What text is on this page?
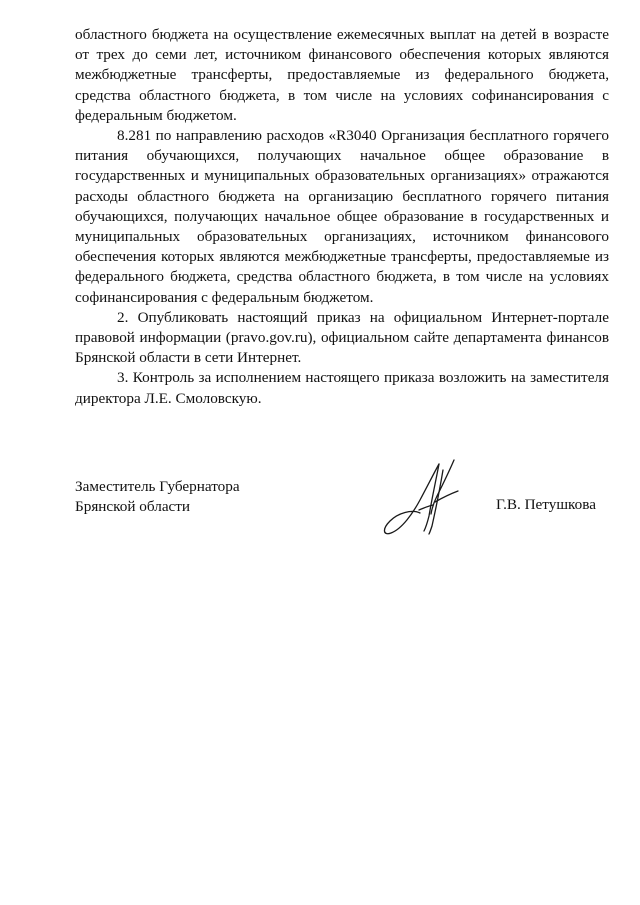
областного бюджета на осуществление ежемесячных выплат на детей в возрасте от трех до семи лет, источником финансового обеспечения которых являются межбюджетные трансферты, предоставляемые из федерального бюджета, средства областного бюджета, в том числе на условиях софинансирования с федеральным бюджетом.

8.281 по направлению расходов «R3040 Организация бесплатного горячего питания обучающихся, получающих начальное общее образование в государственных и муниципальных образовательных организациях» отражаются расходы областного бюджета на организацию бесплатного горячего питания обучающихся, получающих начальное общее образование в государственных и муниципальных образовательных организациях, источником финансового обеспечения которых являются межбюджетные трансферты, предоставляемые из федерального бюджета, средства областного бюджета, в том числе на условиях софинансирования с федеральным бюджетом.

2. Опубликовать настоящий приказ на официальном Интернет-портале правовой информации (pravo.gov.ru), официальном сайте департамента финансов Брянской области в сети Интернет.

3. Контроль за исполнением настоящего приказа возложить на заместителя директора Л.Е. Смоловскую.

Заместитель Губернатора
Брянской области	Г.В. Петушкова
